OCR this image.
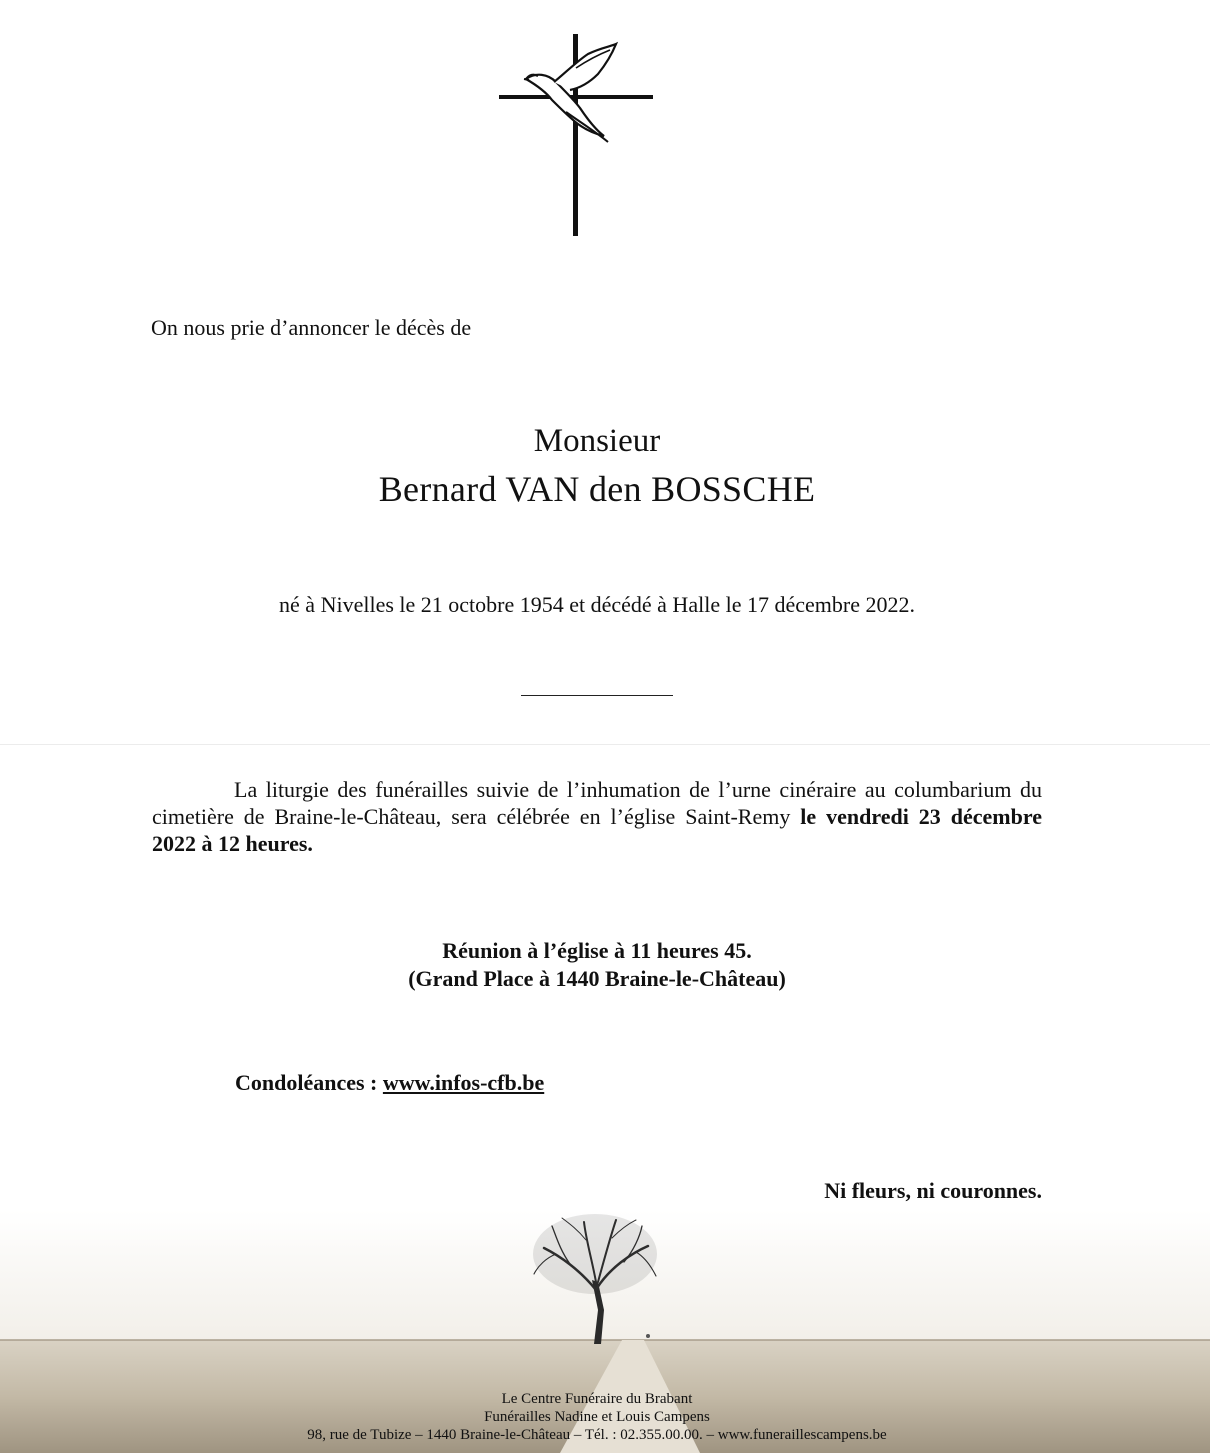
On nous prie d’annoncer le décès de
Monsieur
Bernard VAN den BOSSCHE
né à Nivelles le 21 octobre 1954 et décédé à Halle le 17 décembre 2022.
La liturgie des funérailles suivie de l’inhumation de l’urne cinéraire au columbarium du cimetière de Braine-le-Château, sera célébrée en l’église Saint-Remy le vendredi 23 décembre 2022 à 12 heures.
Réunion à l’église à 11 heures 45.
(Grand Place à 1440 Braine-le-Château)
Condoléances : www.infos-cfb.be
Ni fleurs, ni couronnes.
Le Centre Funéraire du Brabant
Funérailles Nadine et Louis Campens
98, rue de Tubize – 1440 Braine-le-Château – Tél. : 02.355.00.00. – www.funeraillescampens.be
